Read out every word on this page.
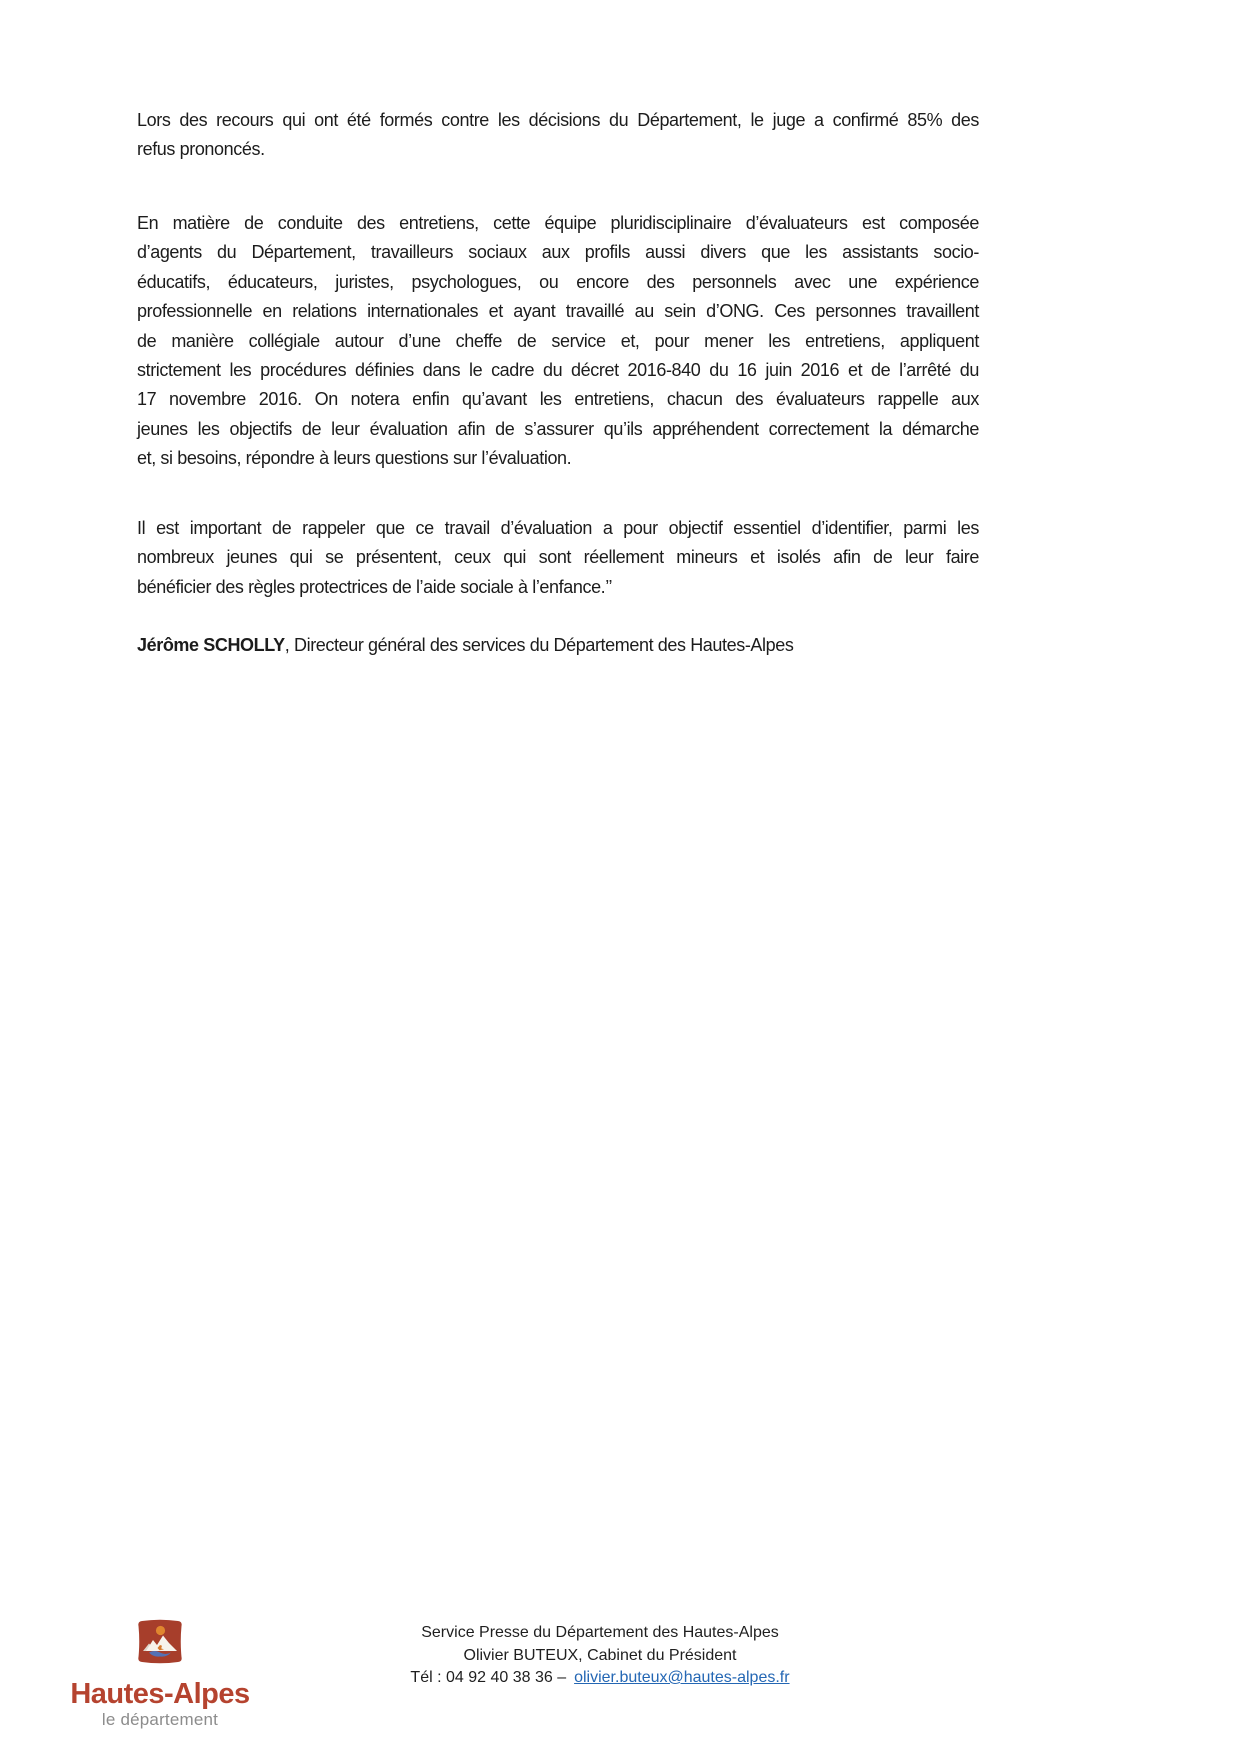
Lors des recours qui ont été formés contre les décisions du Département, le juge a confirmé 85% des
refus prononcés.
En matière de conduite des entretiens, cette équipe pluridisciplinaire d’évaluateurs est composée
d’agents du Département, travailleurs sociaux aux profils aussi divers que les assistants socio-
éducatifs, éducateurs, juristes, psychologues, ou encore des personnels avec une expérience
professionnelle en relations internationales et ayant travaillé au sein d’ONG. Ces personnes travaillent
de manière collégiale autour d’une cheffe de service et, pour mener les entretiens, appliquent
strictement les procédures définies dans le cadre du décret 2016-840 du 16 juin 2016 et de l’arrêté du
17 novembre 2016. On notera enfin qu’avant les entretiens, chacun des évaluateurs rappelle aux
jeunes les objectifs de leur évaluation afin de s’assurer qu’ils appréhendent correctement la démarche
et, si besoins, répondre à leurs questions sur l’évaluation.
Il est important de rappeler que ce travail d’évaluation a pour objectif essentiel d’identifier, parmi les
nombreux jeunes qui se présentent, ceux qui sont réellement mineurs et isolés afin de leur faire
bénéficier des règles protectrices de l’aide sociale à l’enfance.’’
Jérôme SCHOLLY, Directeur général des services du Département des Hautes-Alpes
Service Presse du Département des Hautes-Alpes
Olivier BUTEUX, Cabinet du Président
Tél : 04 92 40 38 36 – olivier.buteux@hautes-alpes.fr
Hautes-Alpes
le département
